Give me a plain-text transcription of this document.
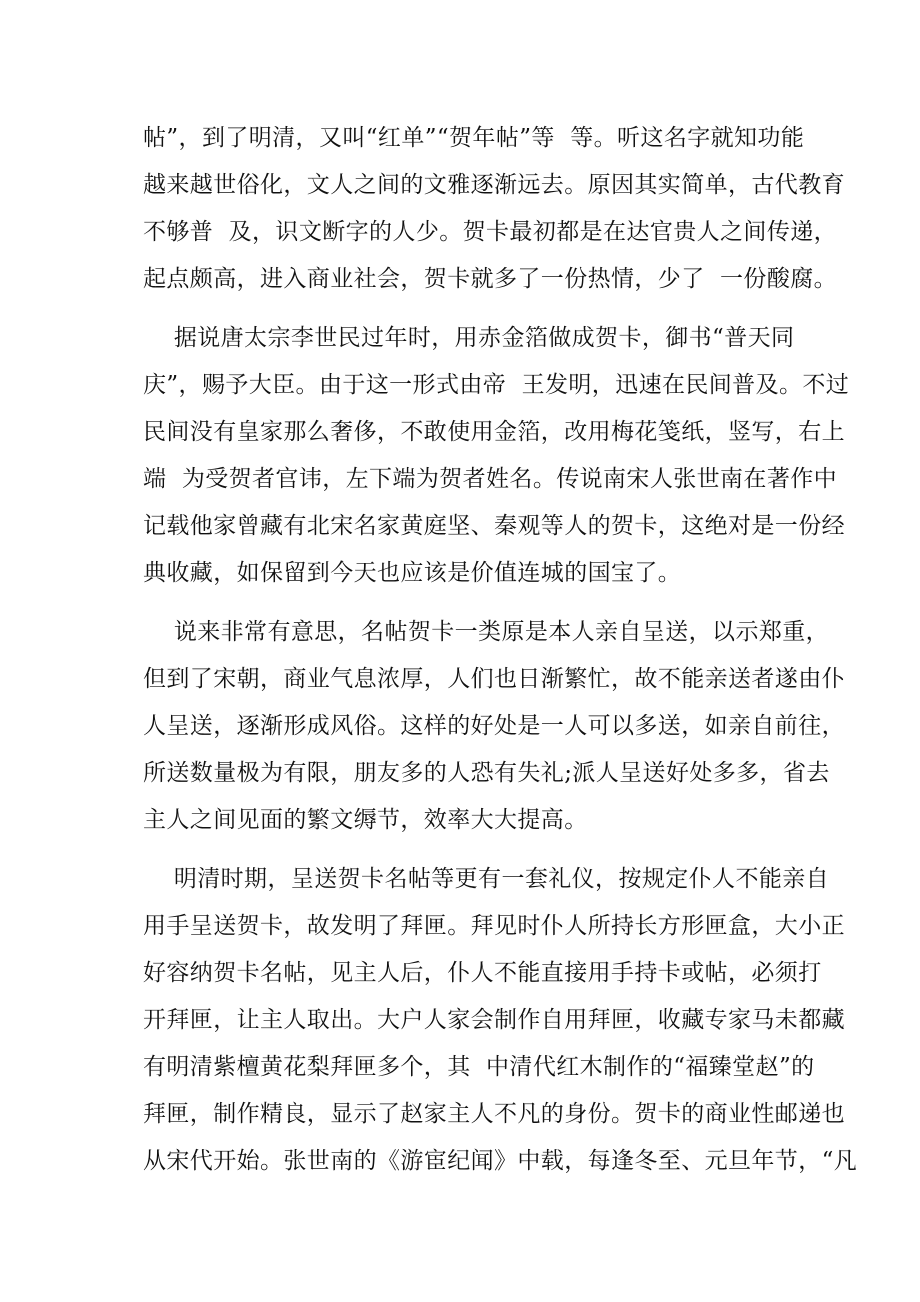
帖”，到了明清，又叫“红单”“贺年帖”等  等。听这名字就知功能
越来越世俗化，文人之间的文雅逐渐远去。原因其实简单，古代教育
不够普  及，识文断字的人少。贺卡最初都是在达官贵人之间传递，
起点颇高，进入商业社会，贺卡就多了一份热情，少了  一份酸腐。
据说唐太宗李世民过年时，用赤金箔做成贺卡，御书“普天同
庆”，赐予大臣。由于这一形式由帝  王发明，迅速在民间普及。不过
民间没有皇家那么奢侈，不敢使用金箔，改用梅花笺纸，竖写，右上
端  为受贺者官讳，左下端为贺者姓名。传说南宋人张世南在著作中
记载他家曾藏有北宋名家黄庭坚、秦观等人的贺卡，这绝对是一份经
典收藏，如保留到今天也应该是价值连城的国宝了。
说来非常有意思，名帖贺卡一类原是本人亲自呈送，以示郑重，
但到了宋朝，商业气息浓厚，人们也日渐繁忙，故不能亲送者遂由仆
人呈送，逐渐形成风俗。这样的好处是一人可以多送，如亲自前往，
所送数量极为有限，朋友多的人恐有失礼;派人呈送好处多多，省去
主人之间见面的繁文缛节，效率大大提高。
明清时期，呈送贺卡名帖等更有一套礼仪，按规定仆人不能亲自
用手呈送贺卡，故发明了拜匣。拜见时仆人所持长方形匣盒，大小正
好容纳贺卡名帖，见主人后，仆人不能直接用手持卡或帖，必须打
开拜匣，让主人取出。大户人家会制作自用拜匣，收藏专家马未都藏
有明清紫檀黄花梨拜匣多个，其  中清代红木制作的“福臻堂赵”的
拜匣，制作精良，显示了赵家主人不凡的身份。贺卡的商业性邮递也
从宋代开始。张世南的《游宦纪闻》中载，每逢冬至、元旦年节，“凡
